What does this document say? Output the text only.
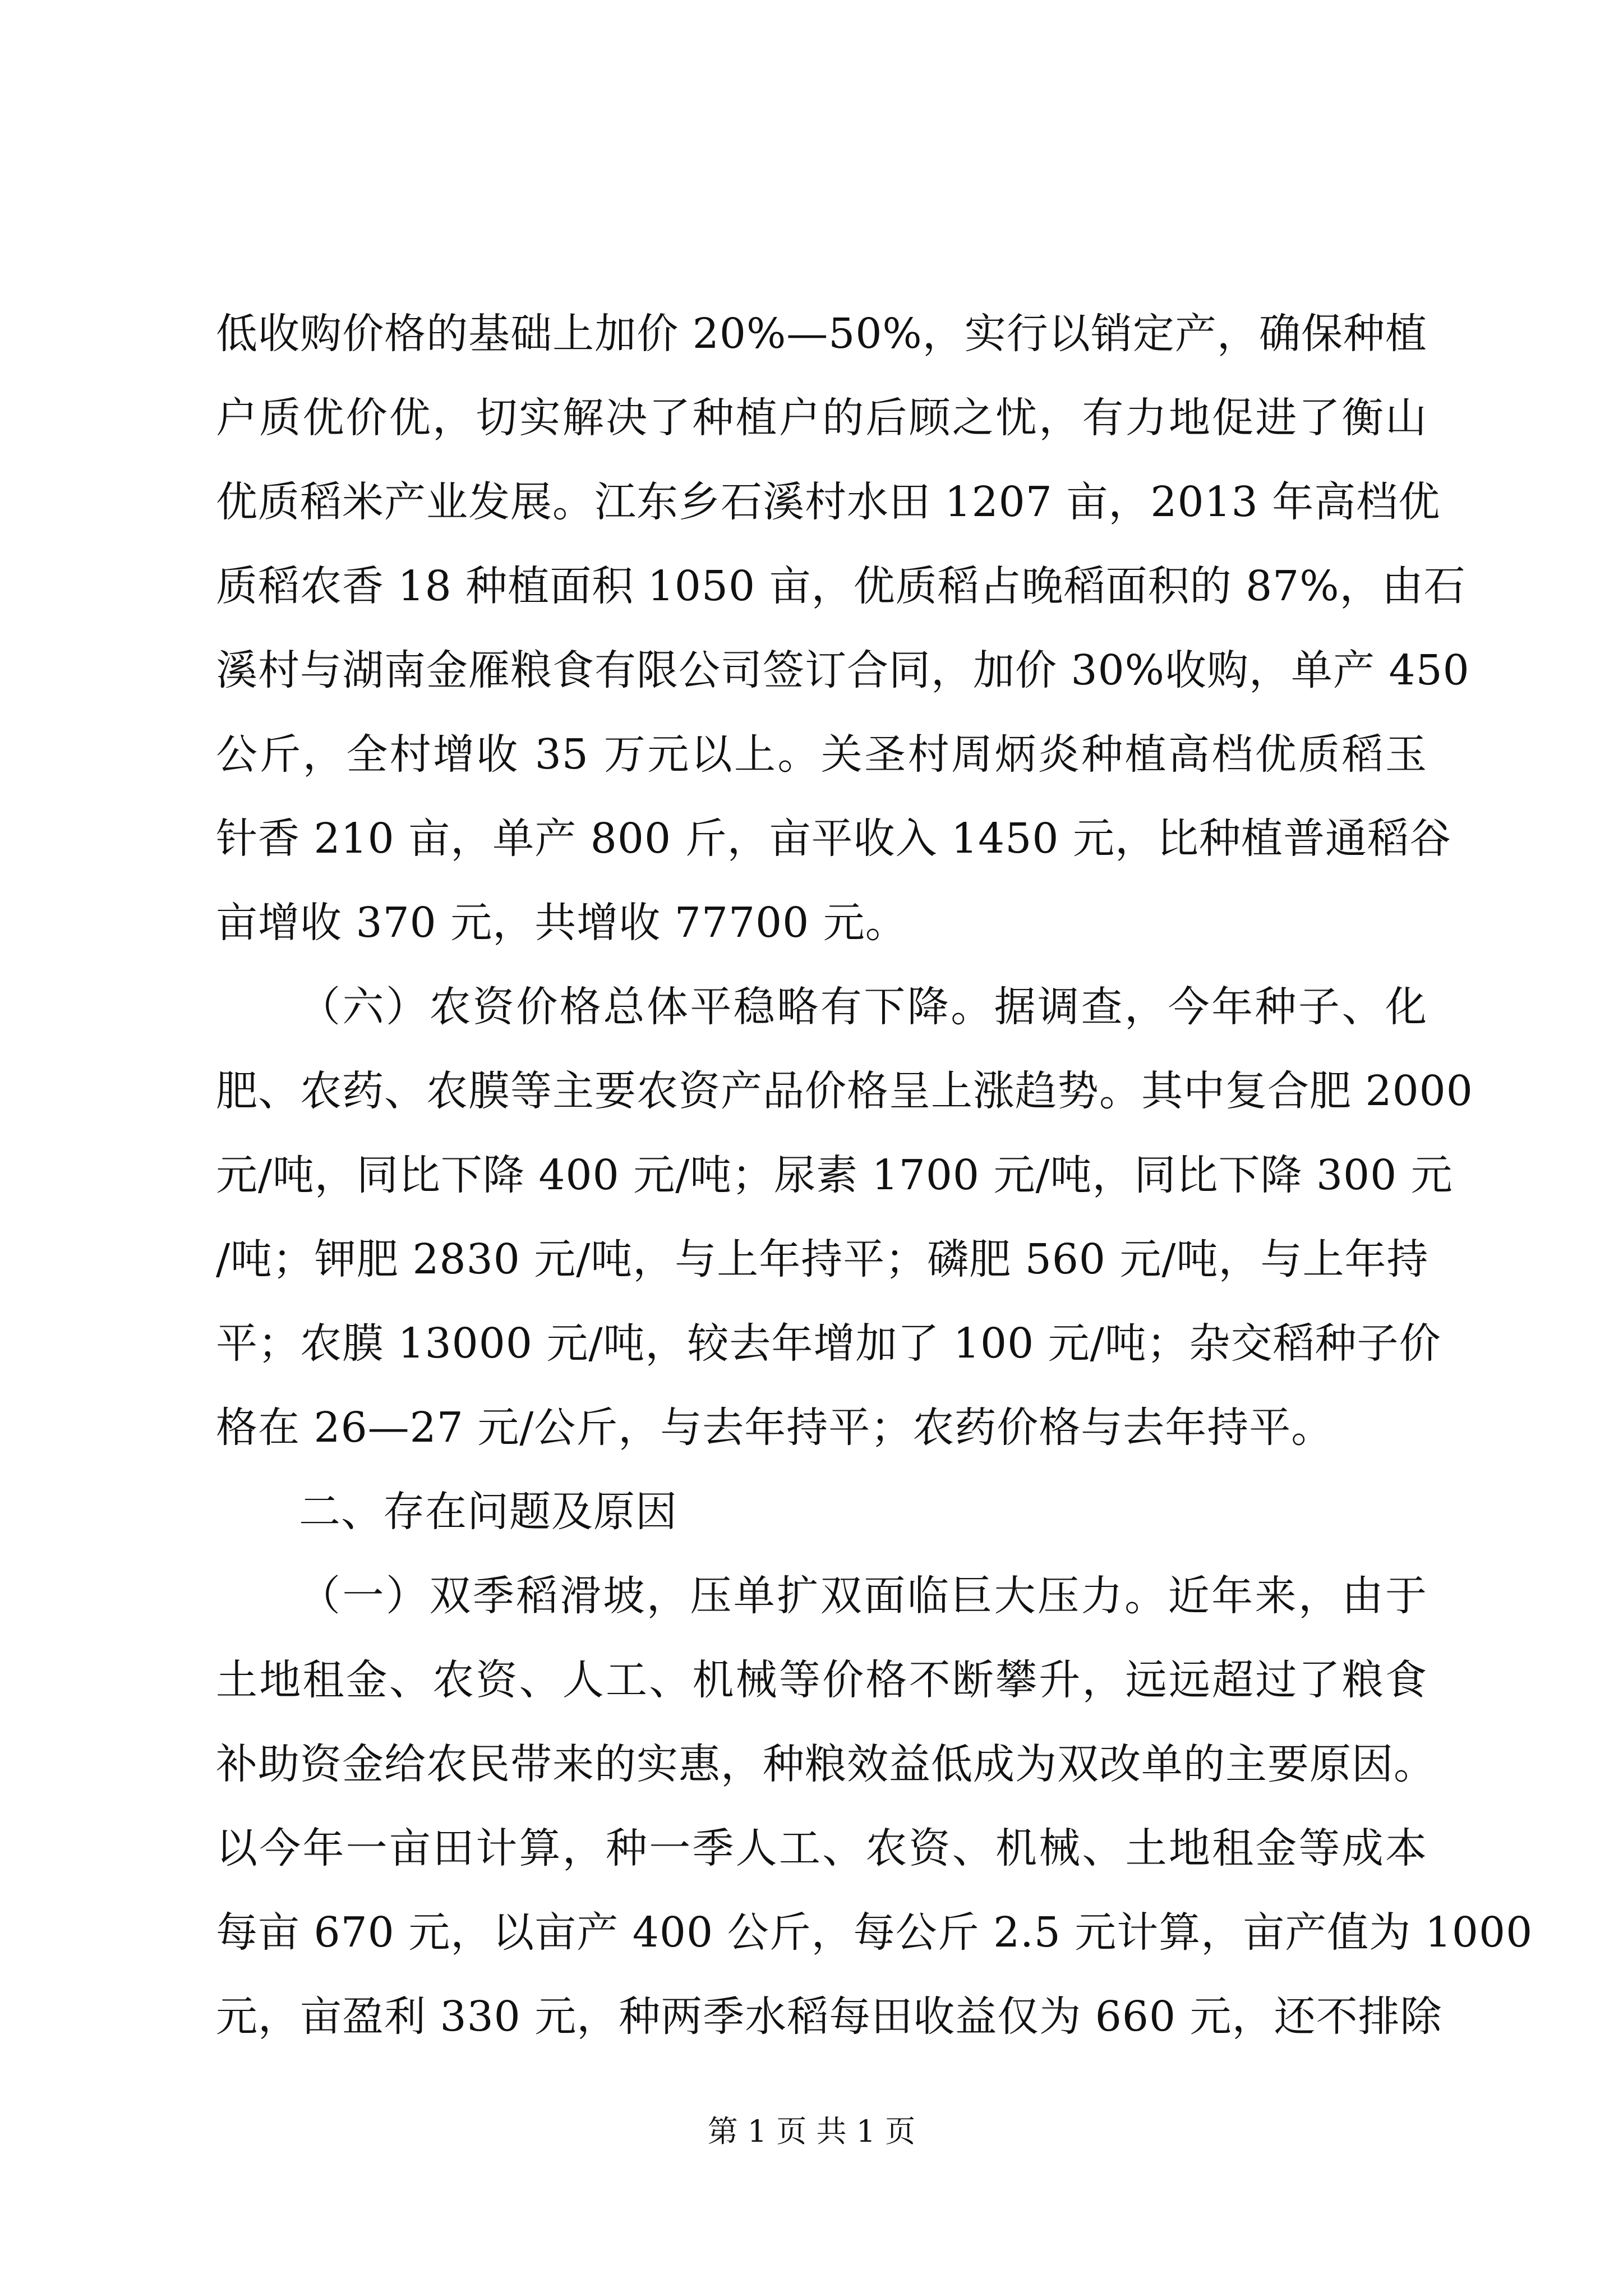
低收购价格的基础上加价 20%—50%，实行以销定产，确保种植
户质优价优，切实解决了种植户的后顾之忧，有力地促进了衡山
优质稻米产业发展。江东乡石溪村水田 1207 亩，2013 年高档优
质稻农香 18 种植面积 1050 亩，优质稻占晚稻面积的 87%，由石
溪村与湖南金雁粮食有限公司签订合同，加价 30%收购，单产 450
公斤，全村增收 35 万元以上。关圣村周炳炎种植高档优质稻玉
针香 210 亩，单产 800 斤，亩平收入 1450 元，比种植普通稻谷
亩增收 370 元，共增收 77700 元。
（六）农资价格总体平稳略有下降。据调查，今年种子、化
肥、农药、农膜等主要农资产品价格呈上涨趋势。其中复合肥 2000
元/吨，同比下降 400 元/吨；尿素 1700 元/吨，同比下降 300 元
/吨；钾肥 2830 元/吨，与上年持平；磷肥 560 元/吨，与上年持
平；农膜 13000 元/吨，较去年增加了 100 元/吨；杂交稻种子价
格在 26—27 元/公斤，与去年持平；农药价格与去年持平。
二、存在问题及原因
（一）双季稻滑坡，压单扩双面临巨大压力。近年来，由于
土地租金、农资、人工、机械等价格不断攀升，远远超过了粮食
补助资金给农民带来的实惠，种粮效益低成为双改单的主要原因。
以今年一亩田计算，种一季人工、农资、机械、土地租金等成本
每亩 670 元，以亩产 400 公斤，每公斤 2.5 元计算，亩产值为 1000
元，亩盈利 330 元，种两季水稻每田收益仅为 660 元，还不排除
第 1 页 共 1 页
